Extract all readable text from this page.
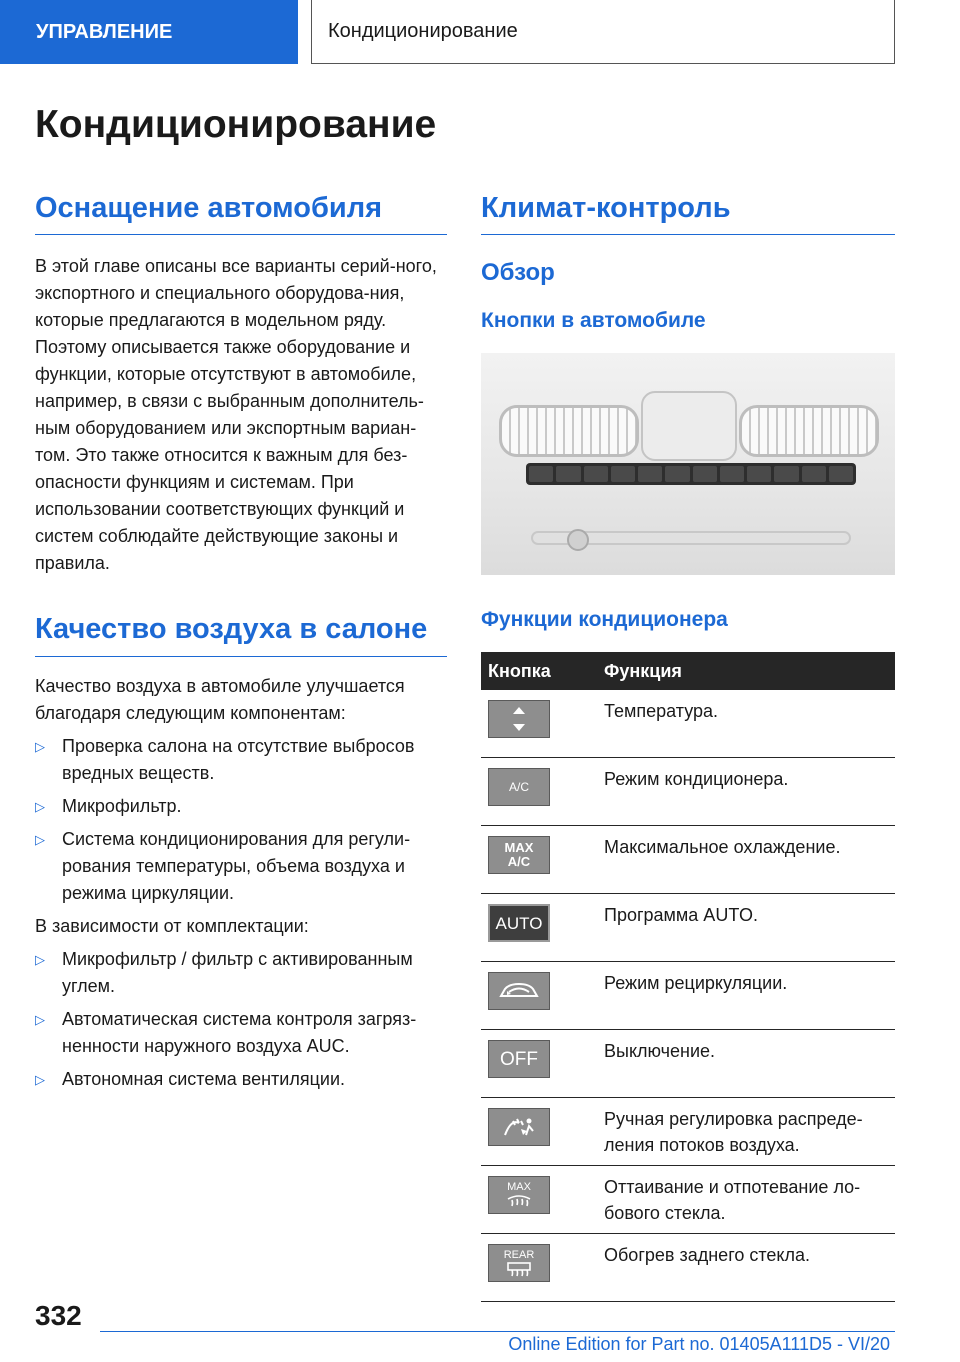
УПРАВЛЕНИЕ	Кондиционирование
Кондиционирование
Оснащение автомобиля

В этой главе описаны все варианты серий-ного, экспортного и специального оборудова-ния, которые предлагаются в модельном ряду. Поэтому описывается также оборудование и функции, которые отсутствуют в автомобиле, например, в связи с выбранным дополнитель-ным оборудованием или экспортным вариан-том. Это также относится к важным для без-опасности функциям и системам. При использовании соответствующих функций и систем соблюдайте действующие законы и правила.

Качество воздуха в салоне

Качество воздуха в автомобиле улучшается благодаря следующим компонентам:

▷ Проверка салона на отсутствие выбросов вредных веществ.
▷ Микрофильтр.
▷ Система кондиционирования для регули-рования температуры, объема воздуха и режима циркуляции.

В зависимости от комплектации:

▷ Микрофильтр / фильтр с активированным углем.
▷ Автоматическая система контроля загряз-ненности наружного воздуха AUC.
▷ Автономная система вентиляции.
Климат-контроль
Обзор
Кнопки в автомобиле
Функции кондиционера
Кнопка	Функция

	Температура.

A/C	Режим кондиционера.

MAX A/C	Максимальное охлаждение.

AUTO	Программа AUTO.

	Режим рециркуляции.

OFF	Выключение.

	Ручная регулировка распреде-ления потоков воздуха.

MAX	Оттаивание и отпотевание ло-бового стекла.

REAR	Обогрев заднего стекла.
332
Online Edition for Part no. 01405A111D5 - VI/20
